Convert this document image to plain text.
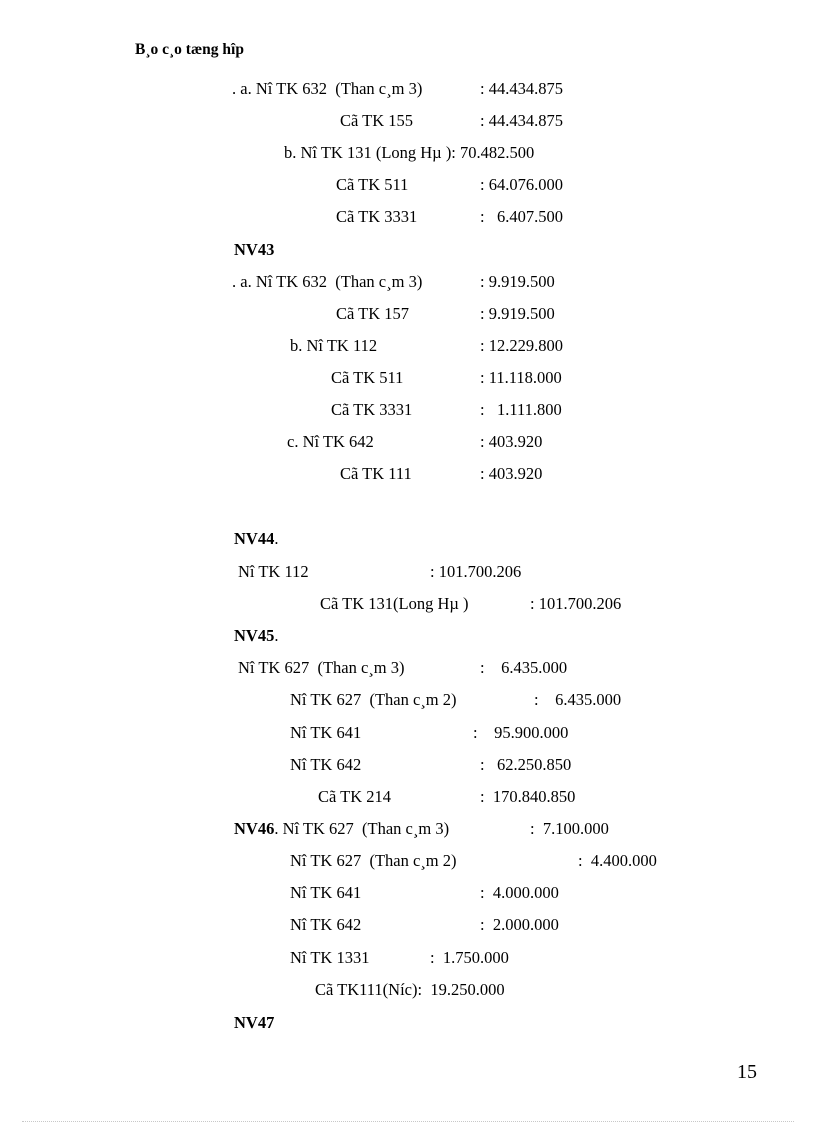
B¸o c¸o tæng hîp
. a. Nî TK 632  (Than c¸m 3)	: 44.434.875
Cã TK 155	: 44.434.875
b. Nî TK 131 (Long Hµ ): 70.482.500
Cã TK 511	: 64.076.000
Cã TK 3331	:   6.407.500
NV43
. a. Nî TK 632  (Than c¸m 3)	: 9.919.500
Cã TK 157	: 9.919.500
b. Nî TK 112	: 12.229.800
Cã TK 511	: 11.118.000
Cã TK 3331	:   1.111.800
c. Nî TK 642	: 403.920
Cã TK 111	: 403.920
NV44.
Nî TK 112	: 101.700.206
Cã TK 131(Long Hµ )	: 101.700.206
NV45.
Nî TK 627  (Than c¸m 3)	:    6.435.000
Nî TK 627  (Than c¸m 2)	:    6.435.000
Nî TK 641	:    95.900.000
Nî TK 642	:   62.250.850
Cã TK 214	:  170.840.850
NV46. Nî TK 627  (Than c¸m 3)	:  7.100.000
Nî TK 627  (Than c¸m 2)	:  4.400.000
Nî TK 641	:  4.000.000
Nî TK 642	:  2.000.000
Nî TK 1331	:  1.750.000
Cã TK111(Níc):  19.250.000
NV47
15
